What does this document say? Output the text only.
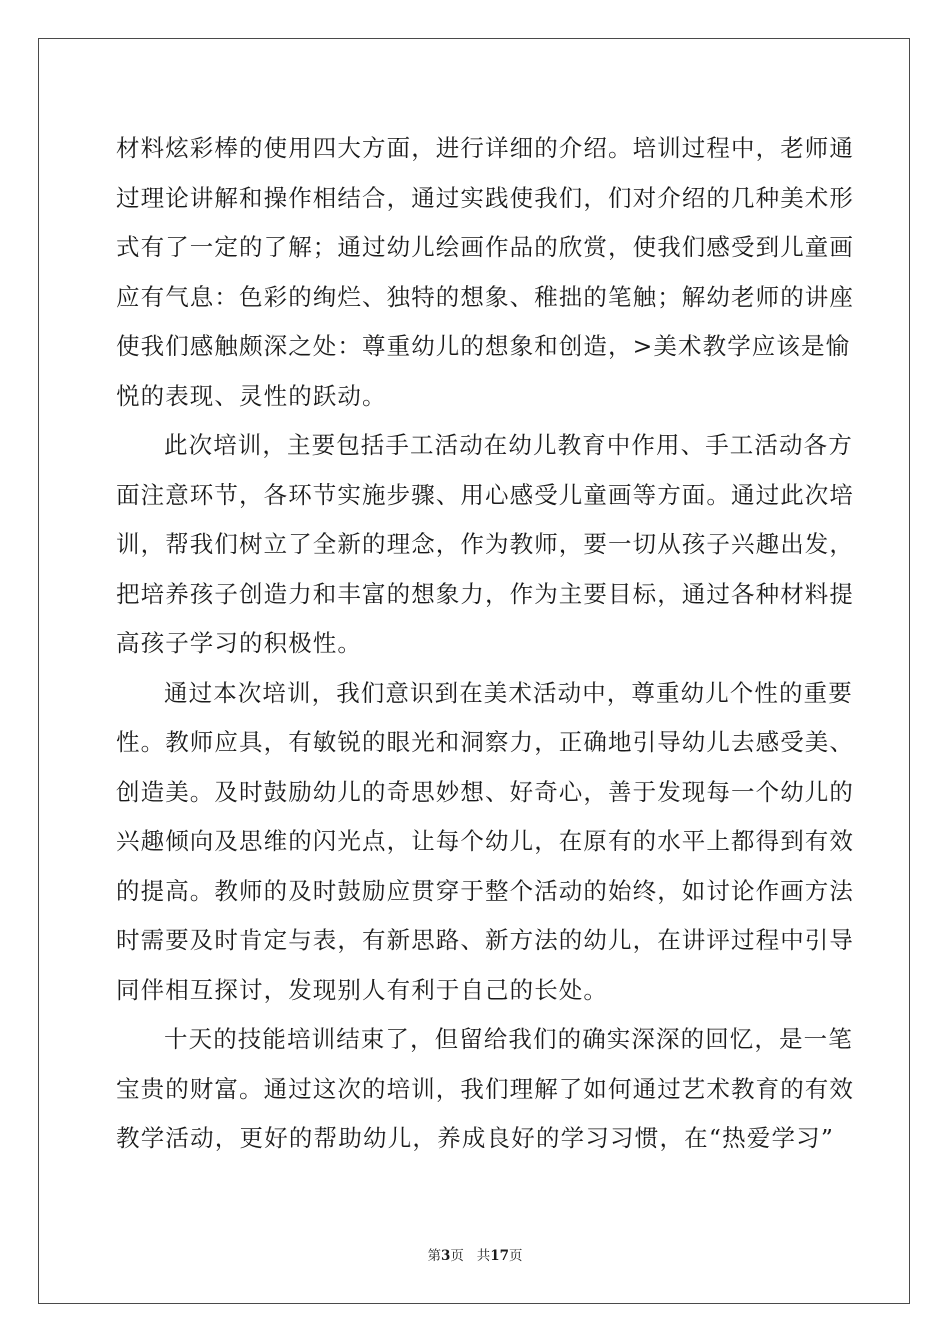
材料炫彩棒的使用四大方面，进行详细的介绍。培训过程中，老师通
过理论讲解和操作相结合，通过实践使我们，们对介绍的几种美术形
式有了一定的了解；通过幼儿绘画作品的欣赏，使我们感受到儿童画
应有气息：色彩的绚烂、独特的想象、稚拙的笔触；解幼老师的讲座
使我们感触颇深之处：尊重幼儿的想象和创造，>美术教学应该是愉
悦的表现、灵性的跃动。
此次培训，主要包括手工活动在幼儿教育中作用、手工活动各方
面注意环节，各环节实施步骤、用心感受儿童画等方面。通过此次培
训，帮我们树立了全新的理念，作为教师，要一切从孩子兴趣出发，
把培养孩子创造力和丰富的想象力，作为主要目标，通过各种材料提
高孩子学习的积极性。
通过本次培训，我们意识到在美术活动中，尊重幼儿个性的重要
性。教师应具，有敏锐的眼光和洞察力，正确地引导幼儿去感受美、
创造美。及时鼓励幼儿的奇思妙想、好奇心，善于发现每一个幼儿的
兴趣倾向及思维的闪光点，让每个幼儿，在原有的水平上都得到有效
的提高。教师的及时鼓励应贯穿于整个活动的始终，如讨论作画方法
时需要及时肯定与表，有新思路、新方法的幼儿，在讲评过程中引导
同伴相互探讨，发现别人有利于自己的长处。
十天的技能培训结束了，但留给我们的确实深深的回忆，是一笔
宝贵的财富。通过这次的培训，我们理解了如何通过艺术教育的有效
教学活动，更好的帮助幼儿，养成良好的学习习惯，在“热爱学习”
第3页 共17页
